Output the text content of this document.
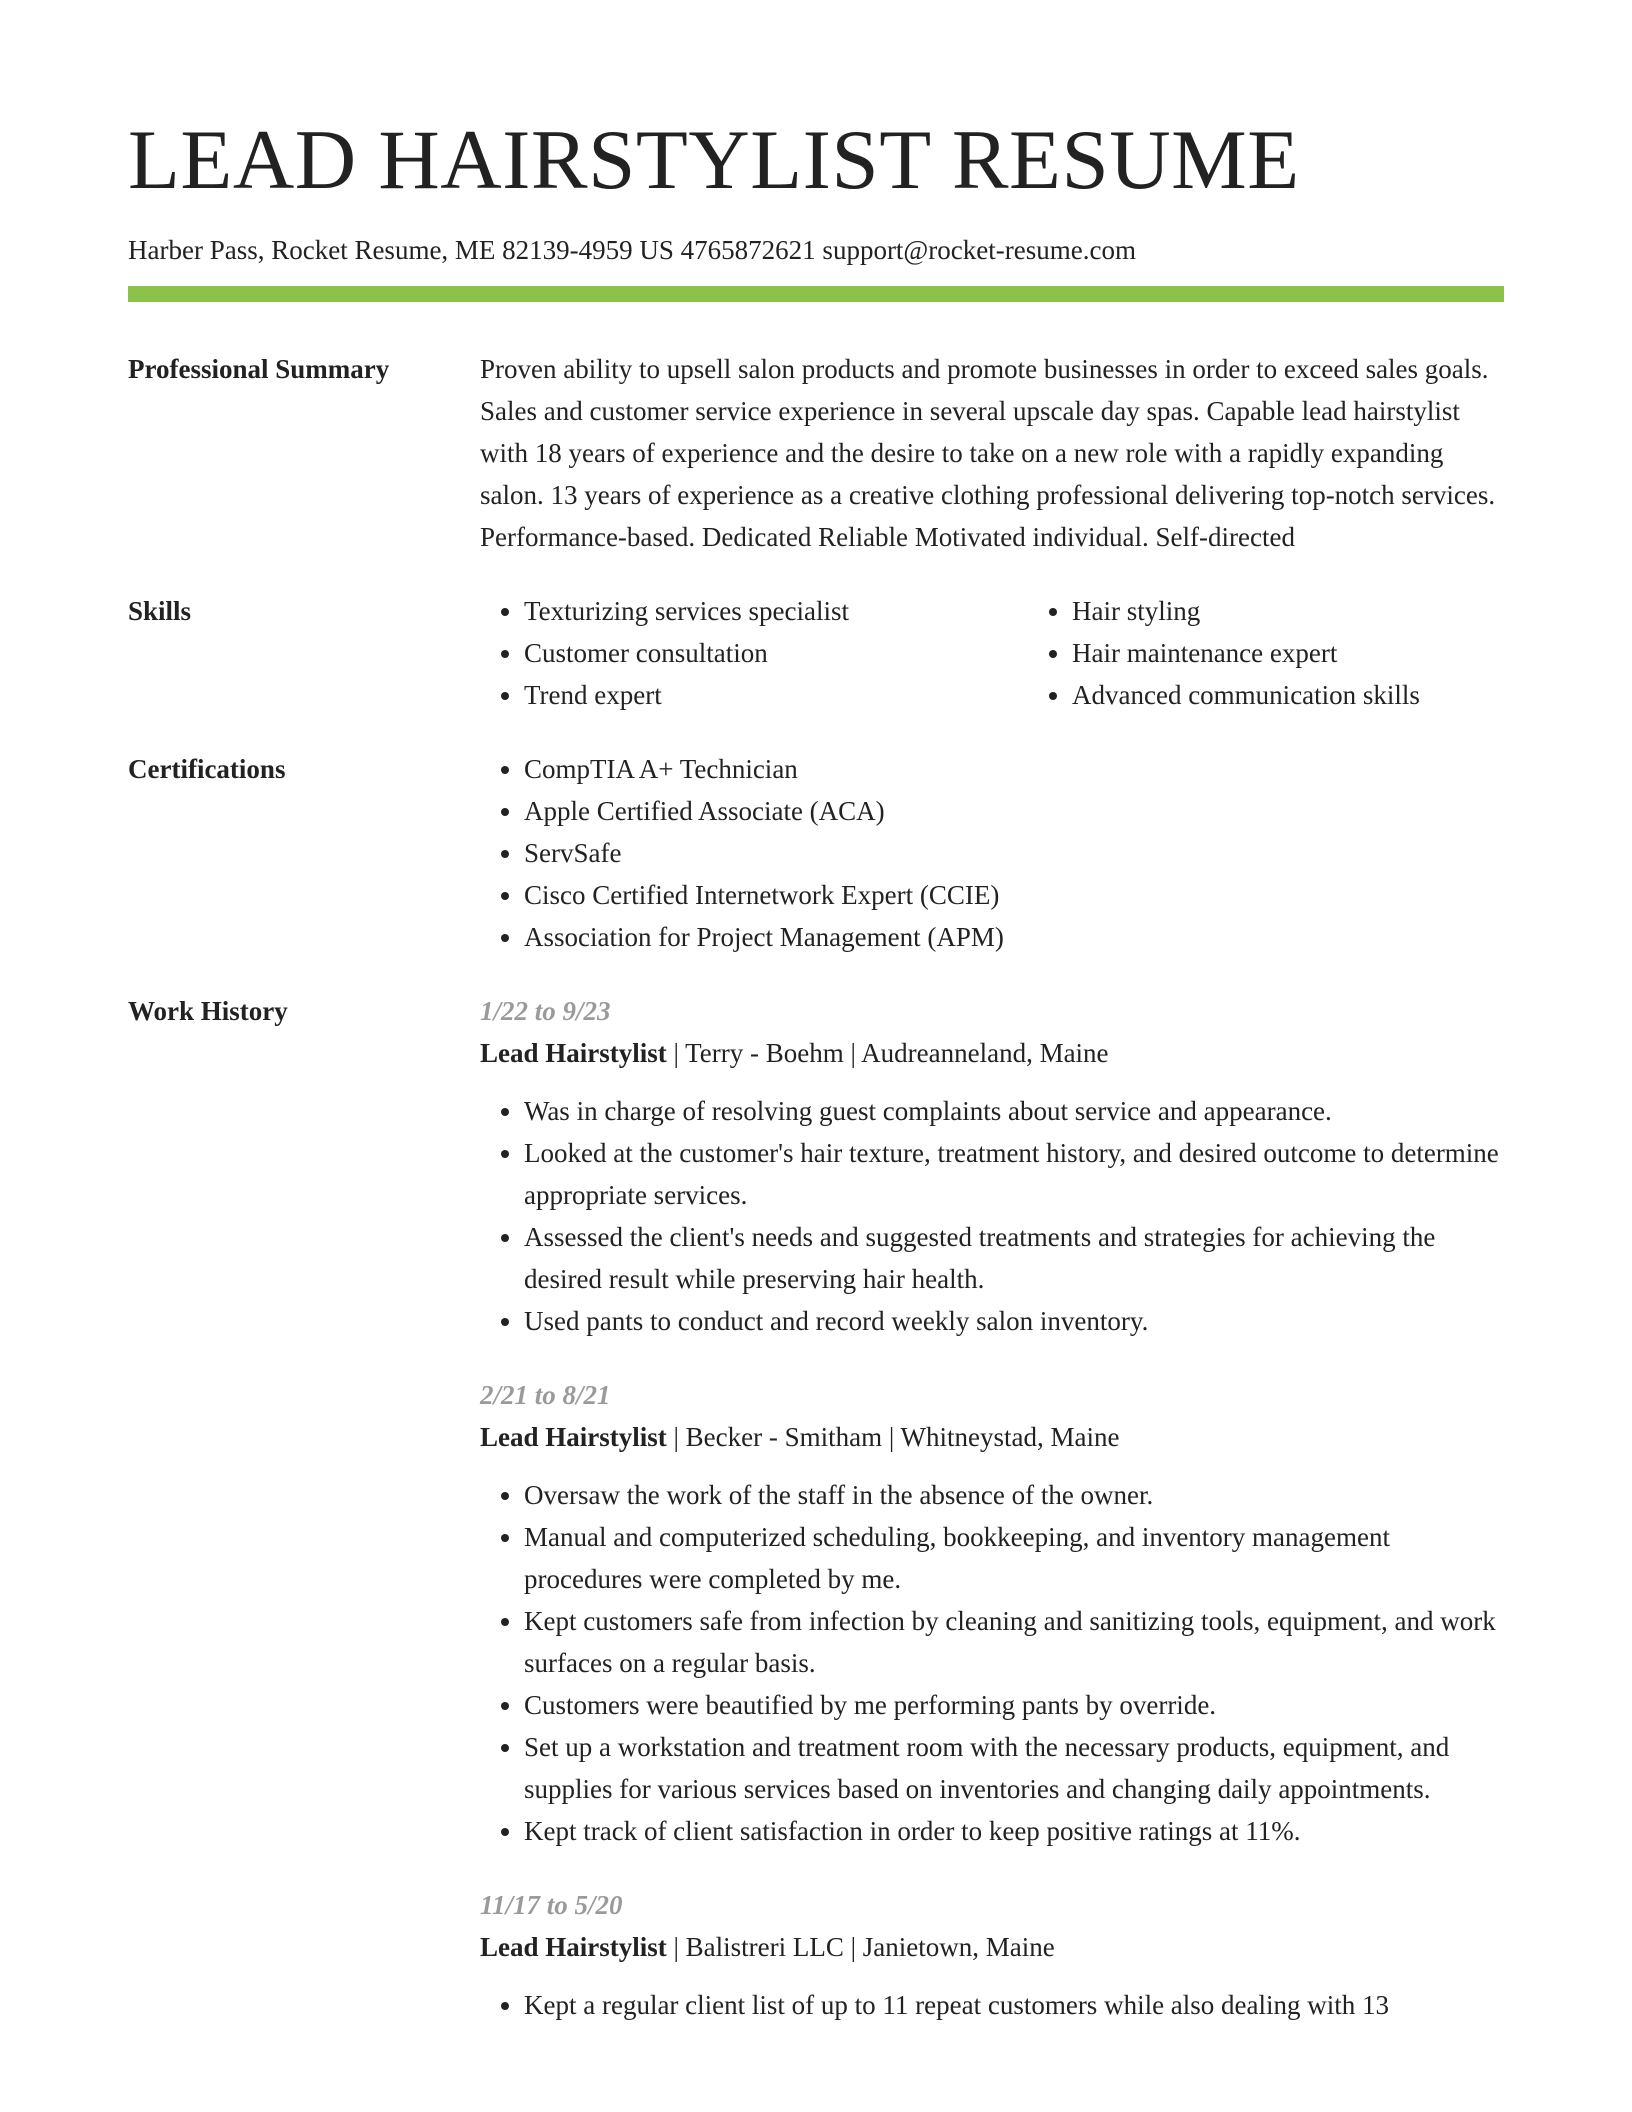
LEAD HAIRSTYLIST RESUME
Harber Pass, Rocket Resume, ME 82139-4959 US 4765872621 support@rocket-resume.com
Professional Summary	Proven ability to upsell salon products and promote businesses in order to exceed sales goals. Sales and customer service experience in several upscale day spas. Capable lead hairstylist with 18 years of experience and the desire to take on a new role with a rapidly expanding salon. 13 years of experience as a creative clothing professional delivering top-notch services. Performance-based. Dedicated Reliable Motivated individual. Self-directed

Skills	• Texturizing services specialist
• Customer consultation
• Trend expert
• Hair styling
• Hair maintenance expert
• Advanced communication skills
Certifications	• CompTIA A+ Technician
• Apple Certified Associate (ACA)
• ServSafe
• Cisco Certified Internetwork Expert (CCIE)
• Association for Project Management (APM)
Work History	1/22 to 9/23
Lead Hairstylist | Terry - Boehm | Audreanneland, Maine
• Was in charge of resolving guest complaints about service and appearance.
• Looked at the customer's hair texture, treatment history, and desired outcome to determine appropriate services.
• Assessed the client's needs and suggested treatments and strategies for achieving the desired result while preserving hair health.
• Used pants to conduct and record weekly salon inventory.
2/21 to 8/21
Lead Hairstylist | Becker - Smitham | Whitneystad, Maine
• Oversaw the work of the staff in the absence of the owner.
• Manual and computerized scheduling, bookkeeping, and inventory management procedures were completed by me.
• Kept customers safe from infection by cleaning and sanitizing tools, equipment, and work surfaces on a regular basis.
• Customers were beautified by me performing pants by override.
• Set up a workstation and treatment room with the necessary products, equipment, and supplies for various services based on inventories and changing daily appointments.
• Kept track of client satisfaction in order to keep positive ratings at 11%.
11/17 to 5/20
Lead Hairstylist | Balistreri LLC | Janietown, Maine
• Kept a regular client list of up to 11 repeat customers while also dealing with 13
